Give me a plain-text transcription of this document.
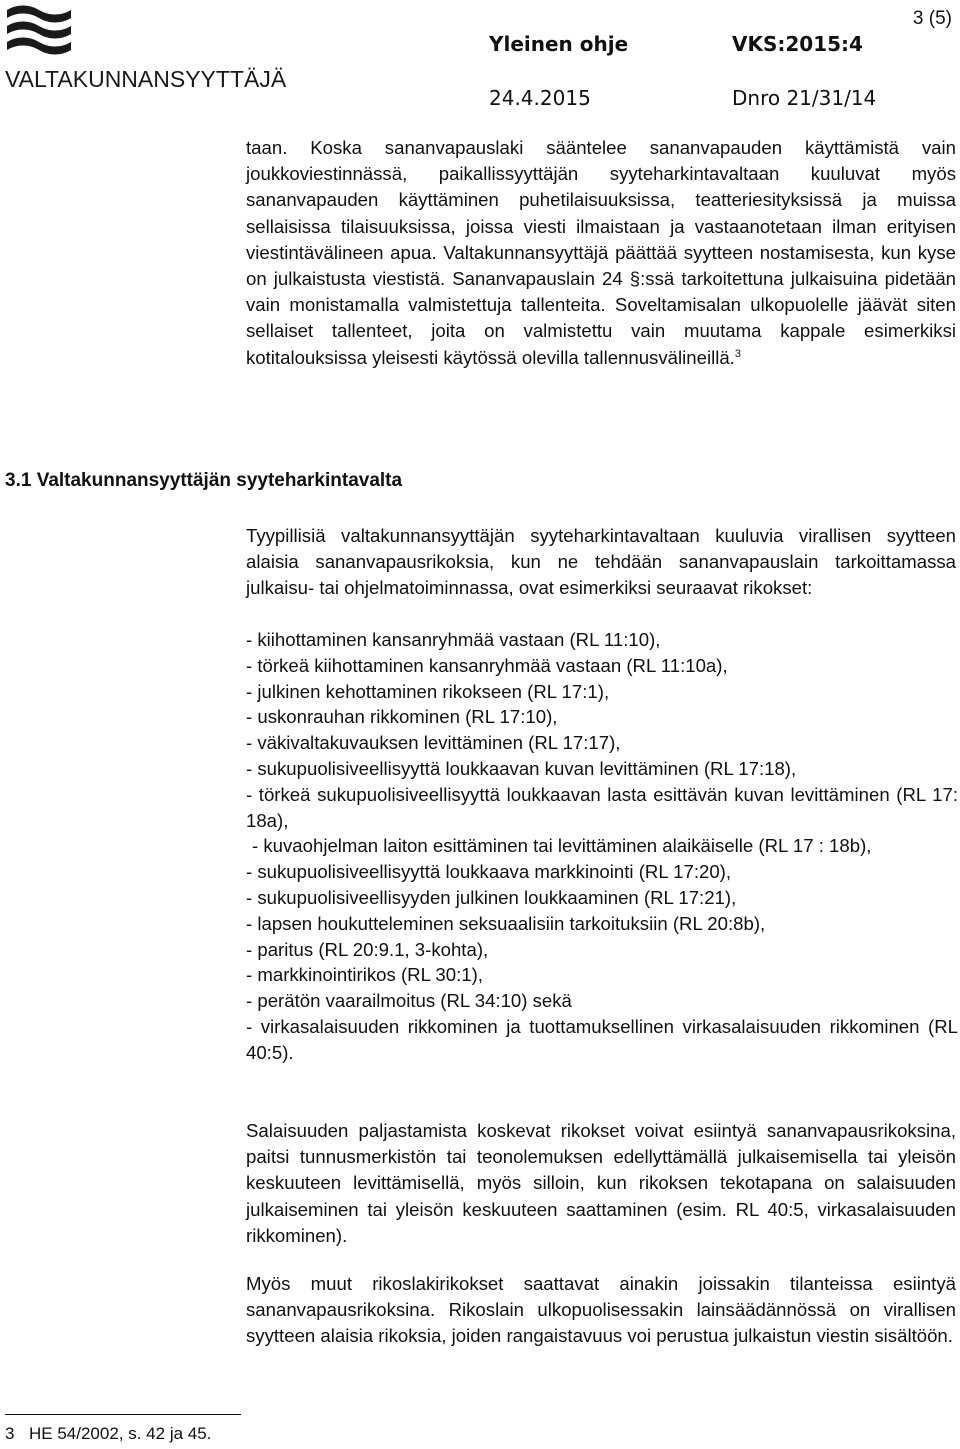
VALTAKUNNANSYYTTÄJÄ
Yleinen ohje	VKS:2015:4
24.4.2015	Dnro 21/31/14
3 (5)

taan. Koska sananvapauslaki sääntelee sananvapauden käyttämistä vain joukkoviestinnässä, paikallissyyttäjän syyteharkintavaltaan kuuluvat myös sananvapauden käyttäminen puhetilaisuuksissa, teatteriesityksissä ja muissa sellaisissa tilaisuuksissa, joissa viesti ilmaistaan ja vastaanotetaan ilman erityisen viestintävälineen apua. Valtakunnansyyttäjä päättää syytteen nostamisesta, kun kyse on julkaistusta viestistä. Sananvapauslain 24 §:ssä tarkoitettuna julkaisuina pidetään vain monistamalla valmistettuja tallenteita. Soveltamisalan ulkopuolelle jäävät siten sellaiset tallenteet, joita on valmistettu vain muutama kappale esimerkiksi kotitalouksissa yleisesti käytössä olevilla tallennusvälineillä.$^3$

3.1 Valtakunnansyyttäjän syyteharkintavalta

Tyypillisiä valtakunnansyyttäjän syyteharkintavaltaan kuuluvia virallisen syytteen alaisia sananvapausrikoksia, kun ne tehdään sananvapauslain tarkoittamassa julkaisu- tai ohjelmatoiminnassa, ovat esimerkiksi seuraavat rikokset:

- kiihottaminen kansanryhmää vastaan (RL 11:10),
- törkeä kiihottaminen kansanryhmää vastaan (RL 11:10a),
- julkinen kehottaminen rikokseen (RL 17:1),
- uskonrauhan rikkominen (RL 17:10),
- väkivaltakuvauksen levittäminen (RL 17:17),
- sukupuolisiveellisyyttä loukkaavan kuvan levittäminen (RL 17:18),
- törkeä sukupuolisiveellisyyttä loukkaavan lasta esittävän kuvan levittäminen (RL 17: 18a),
- kuvaohjelman laiton esittäminen tai levittäminen alaikäiselle (RL 17 : 18b),
- sukupuolisiveellisyyttä loukkaava markkinointi (RL 17:20),
- sukupuolisiveellisyyden julkinen loukkaaminen (RL 17:21),
- lapsen houkutteleminen seksuaalisiin tarkoituksiin (RL 20:8b),
- paritus (RL 20:9.1, 3-kohta),
- markkinointirikos (RL 30:1),
- perätön vaarailmoitus (RL 34:10) sekä
- virkasalaisuuden rikkominen ja tuottamuksellinen virkasalaisuuden rikkominen (RL 40:5).

Salaisuuden paljastamista koskevat rikokset voivat esiintyä sananvapausrikoksina, paitsi tunnusmerkistön tai teonolemuksen edellyttämällä julkaisemisella tai yleisön keskuuteen levittämisellä, myös silloin, kun rikoksen tekotapana on salaisuuden julkaiseminen tai yleisön keskuuteen saattaminen (esim. RL 40:5, virkasalaisuuden rikkominen).

Myös muut rikoslakirikokset saattavat ainakin joissakin tilanteissa esiintyä sananvapausrikoksina. Rikoslain ulkopuolisessakin lainsäädännössä on virallisen syytteen alaisia rikoksia, joiden rangaistavuus voi perustua julkaistun viestin sisältöön.

3 HE 54/2002, s. 42 ja 45.
